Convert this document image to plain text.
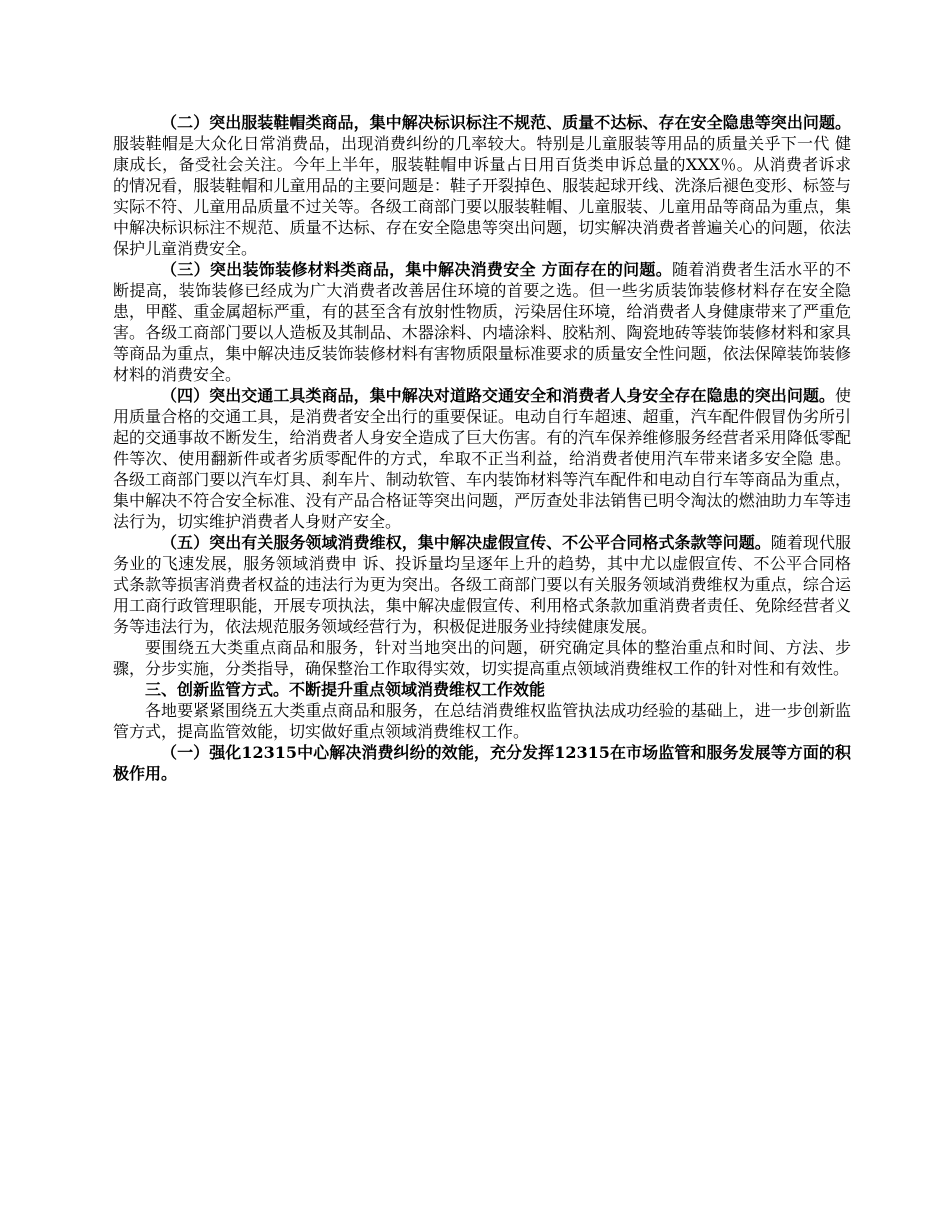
（二）突出服装鞋帽类商品，集中解决标识标注不规范、质量不达标、存在安全隐患等突出问题。服装鞋帽是大众化日常消费品，出现消费纠纷的几率较大。特别是儿童服装等用品的质量关乎下一代 健康成长，备受社会关注。今年上半年，服装鞋帽申诉量占日用百货类申诉总量的XXX％。从消费者诉求的情况看，服装鞋帽和儿童用品的主要问题是：鞋子开裂掉色、服装起球开线、洗涤后褪色变形、标签与实际不符、儿童用品质量不过关等。各级工商部门要以服装鞋帽、儿童服装、儿童用品等商品为重点，集中解决标识标注不规范、质量不达标、存在安全隐患等突出问题，切实解决消费者普遍关心的问题，依法保护儿童消费安全。

（三）突出装饰装修材料类商品，集中解决消费安全 方面存在的问题。随着消费者生活水平的不断提高，装饰装修已经成为广大消费者改善居住环境的首要之选。但一些劣质装饰装修材料存在安全隐患，甲醛、重金属超标严重，有的甚至含有放射性物质，污染居住环境，给消费者人身健康带来了严重危害。各级工商部门要以人造板及其制品、木器涂料、内墙涂料、胶粘剂、陶瓷地砖等装饰装修材料和家具等商品为重点，集中解决违反装饰装修材料有害物质限量标准要求的质量安全性问题，依法保障装饰装修材料的消费安全。

（四）突出交通工具类商品，集中解决对道路交通安全和消费者人身安全存在隐患的突出问题。使用质量合格的交通工具，是消费者安全出行的重要保证。电动自行车超速、超重，汽车配件假冒伪劣所引起的交通事故不断发生，给消费者人身安全造成了巨大伤害。有的汽车保养维修服务经营者采用降低零配件等次、使用翻新件或者劣质零配件的方式，牟取不正当利益，给消费者使用汽车带来诸多安全隐 患。各级工商部门要以汽车灯具、刹车片、制动软管、车内装饰材料等汽车配件和电动自行车等商品为重点，集中解决不符合安全标准、没有产品合格证等突出问题，严厉查处非法销售已明令淘汰的燃油助力车等违法行为，切实维护消费者人身财产安全。

（五）突出有关服务领域消费维权，集中解决虚假宣传、不公平合同格式条款等问题。随着现代服务业的飞速发展，服务领域消费申 诉、投诉量均呈逐年上升的趋势，其中尤以虚假宣传、不公平合同格式条款等损害消费者权益的违法行为更为突出。各级工商部门要以有关服务领域消费维权为重点，综合运用工商行政管理职能，开展专项执法，集中解决虚假宣传、利用格式条款加重消费者责任、免除经营者义务等违法行为，依法规范服务领域经营行为，积极促进服务业持续健康发展。

要围绕五大类重点商品和服务，针对当地突出的问题，研究确定具体的整治重点和时间、方法、步骤，分步实施，分类指导，确保整治工作取得实效，切实提高重点领域消费维权工作的针对性和有效性。

三、创新监管方式。不断提升重点领域消费维权工作效能

各地要紧紧围绕五大类重点商品和服务，在总结消费维权监管执法成功经验的基础上，进一步创新监管方式，提高监管效能，切实做好重点领域消费维权工作。

（一）强化12315中心解决消费纠纷的效能，充分发挥12315在市场监管和服务发展等方面的积极作用。
